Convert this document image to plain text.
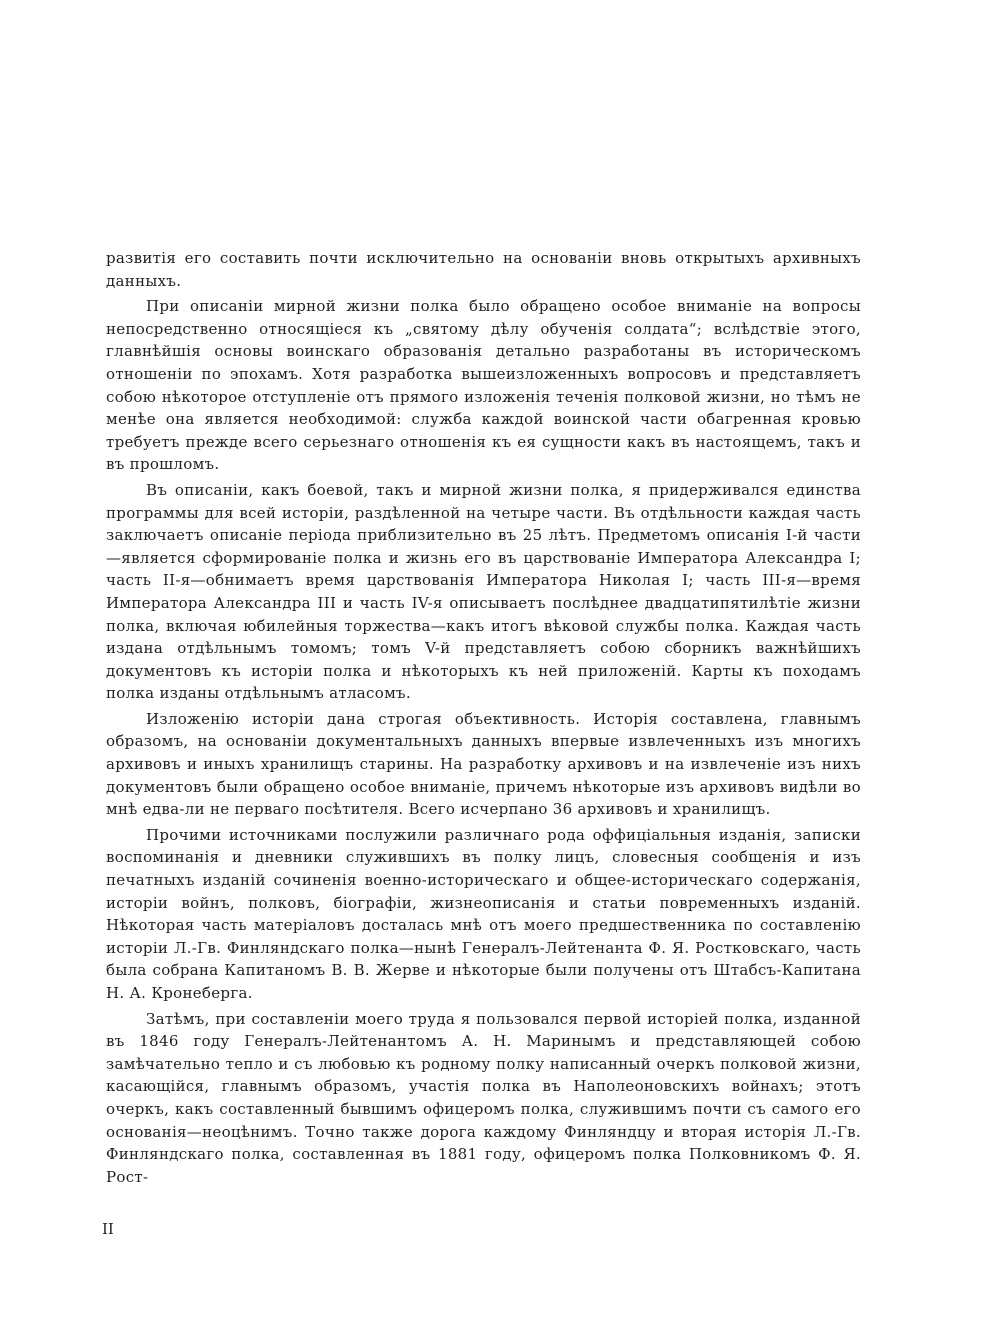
развитія его составить почти исключительно на основаніи вновь открытыхъ архивныхъ данныхъ.

При описаніи мирной жизни полка было обращено особое вниманіе на вопросы непосредственно относящіеся къ „святому дѣлу обученія солдата“; вслѣдствіе этого, главнѣйшія основы воинскаго образованія детально разработаны въ историческомъ отношеніи по эпохамъ. Хотя разработка вышеизложенныхъ вопросовъ и представляетъ собою нѣкоторое отступленіе отъ прямого изложенія теченія полковой жизни, но тѣмъ не менѣе она является необходимой: служба каждой воинской части обагренная кровью требуетъ прежде всего серьезнаго отношенія къ ея сущности какъ въ настоящемъ, такъ и въ прошломъ.

Въ описаніи, какъ боевой, такъ и мирной жизни полка, я придерживался единства программы для всей исторіи, раздѣленной на четыре части. Въ отдѣльности каждая часть заключаетъ описаніе періода приблизительно въ 25 лѣтъ. Предметомъ описанія I-й части—является сформированіе полка и жизнь его въ царствованіе Императора Александра I; часть II-я—обнимаетъ время царствованія Императора Николая I; часть III-я—время Императора Александра III и часть IV-я описываетъ послѣднее двадцатипятилѣтіе жизни полка, включая юбилейныя торжества—какъ итогъ вѣковой службы полка. Каждая часть издана отдѣльнымъ томомъ; томъ V-й представляетъ собою сборникъ важнѣйшихъ документовъ къ исторіи полка и нѣкоторыхъ къ ней приложеній. Карты къ походамъ полка изданы отдѣльнымъ атласомъ.

Изложенію исторіи дана строгая объективность. Исторія составлена, главнымъ образомъ, на основаніи документальныхъ данныхъ впервые извлеченныхъ изъ многихъ архивовъ и иныхъ хранилищъ старины. На разработку архивовъ и на извлеченіе изъ нихъ документовъ были обращено особое вниманіе, причемъ нѣкоторые изъ архивовъ видѣли во мнѣ едва-ли не перваго посѣтителя. Всего исчерпано 36 архивовъ и хранилищъ.

Прочими источниками послужили различнаго рода оффиціальныя изданія, записки воспоминанія и дневники служившихъ въ полку лицъ, словесныя сообщенія и изъ печатныхъ изданій сочиненія военно-историческаго и общее-историческаго содержанія, исторіи войнъ, полковъ, біографіи, жизнеописанія и статьи повременныхъ изданій. Нѣкоторая часть матеріаловъ досталась мнѣ отъ моего предшественника по составленію исторіи Л.-Гв. Финляндскаго полка—нынѣ Генералъ-Лейтенанта Ф. Я. Ростковскаго, часть была собрана Капитаномъ В. В. Жерве и нѣкоторые были получены отъ Штабсъ-Капитана Н. А. Кронеберга.

Затѣмъ, при составленіи моего труда я пользовался первой исторіей полка, изданной въ 1846 году Генералъ-Лейтенантомъ А. Н. Маринымъ и представляющей собою замѣчательно тепло и съ любовью къ родному полку написанный очеркъ полковой жизни, касающійся, главнымъ образомъ, участія полка въ Наполеоновскихъ войнахъ; этотъ очеркъ, какъ составленный бывшимъ офицеромъ полка, служившимъ почти съ самого его основанія—неоцѣнимъ. Точно также дорога каждому Финляндцу и вторая исторія Л.-Гв. Финляндскаго полка, составленная въ 1881 году, офицеромъ полка Полковникомъ Ф. Я. Рост-

II
